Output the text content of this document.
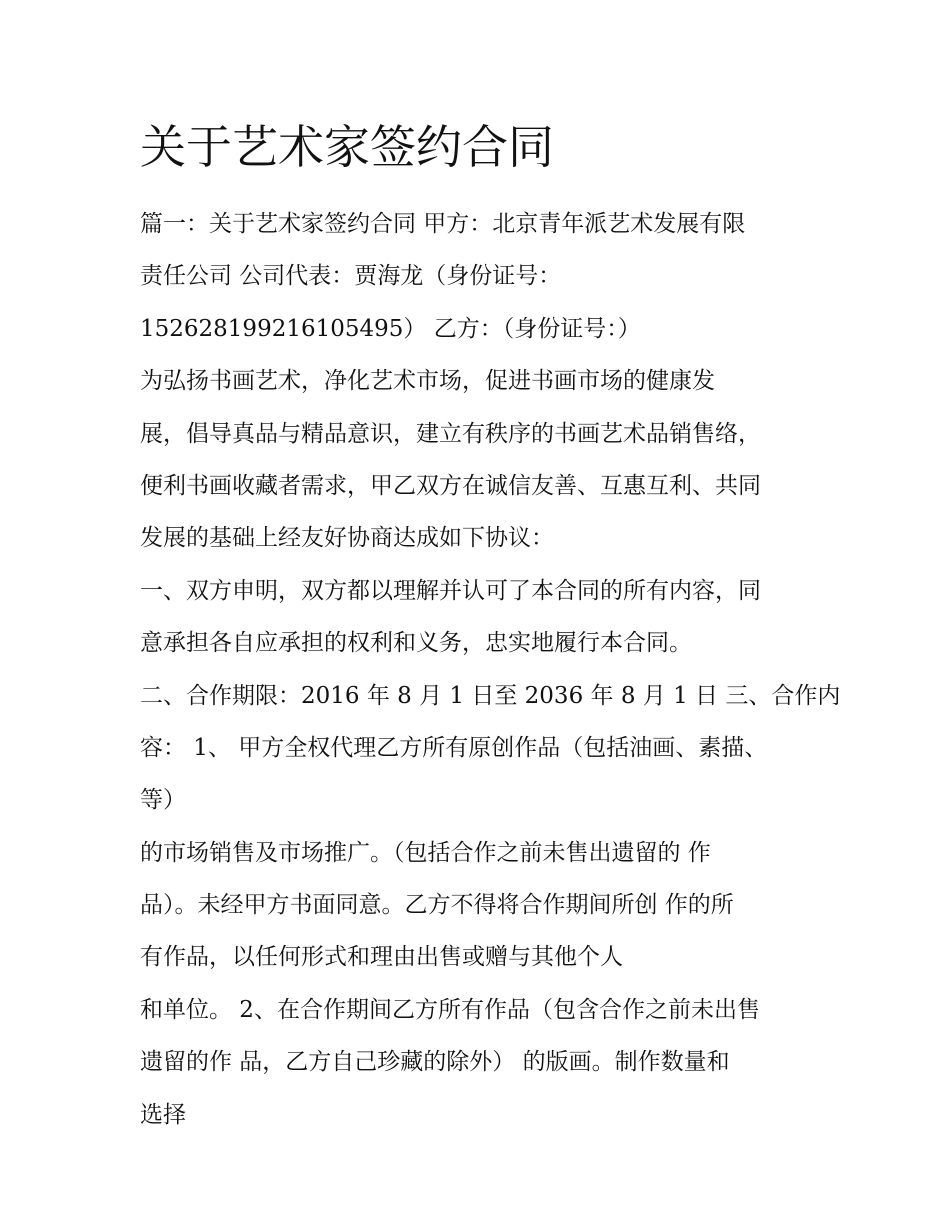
关于艺术家签约合同
篇一：关于艺术家签约合同 甲方：北京青年派艺术发展有限
责任公司 公司代表：贾海龙（身份证号：
152628199216105495） 乙方：（身份证号：）
为弘扬书画艺术，净化艺术市场，促进书画市场的健康发
展，倡导真品与精品意识，建立有秩序的书画艺术品销售络，
便利书画收藏者需求，甲乙双方在诚信友善、互惠互利、共同
发展的基础上经友好协商达成如下协议：
一、双方申明，双方都以理解并认可了本合同的所有内容，同
意承担各自应承担的权利和义务，忠实地履行本合同。
二、合作期限：2016 年 8 月 1 日至 2036 年 8 月 1 日 三、合作内
容： 1、 甲方全权代理乙方所有原创作品（包括油画、素描、
等）
的市场销售及市场推广。（包括合作之前未售出遗留的 作
品）。未经甲方书面同意。乙方不得将合作期间所创 作的所
有作品，以任何形式和理由出售或赠与其他个人
和单位。 2、在合作期间乙方所有作品（包含合作之前未出售
遗留的作 品，乙方自己珍藏的除外） 的版画。制作数量和
选择
